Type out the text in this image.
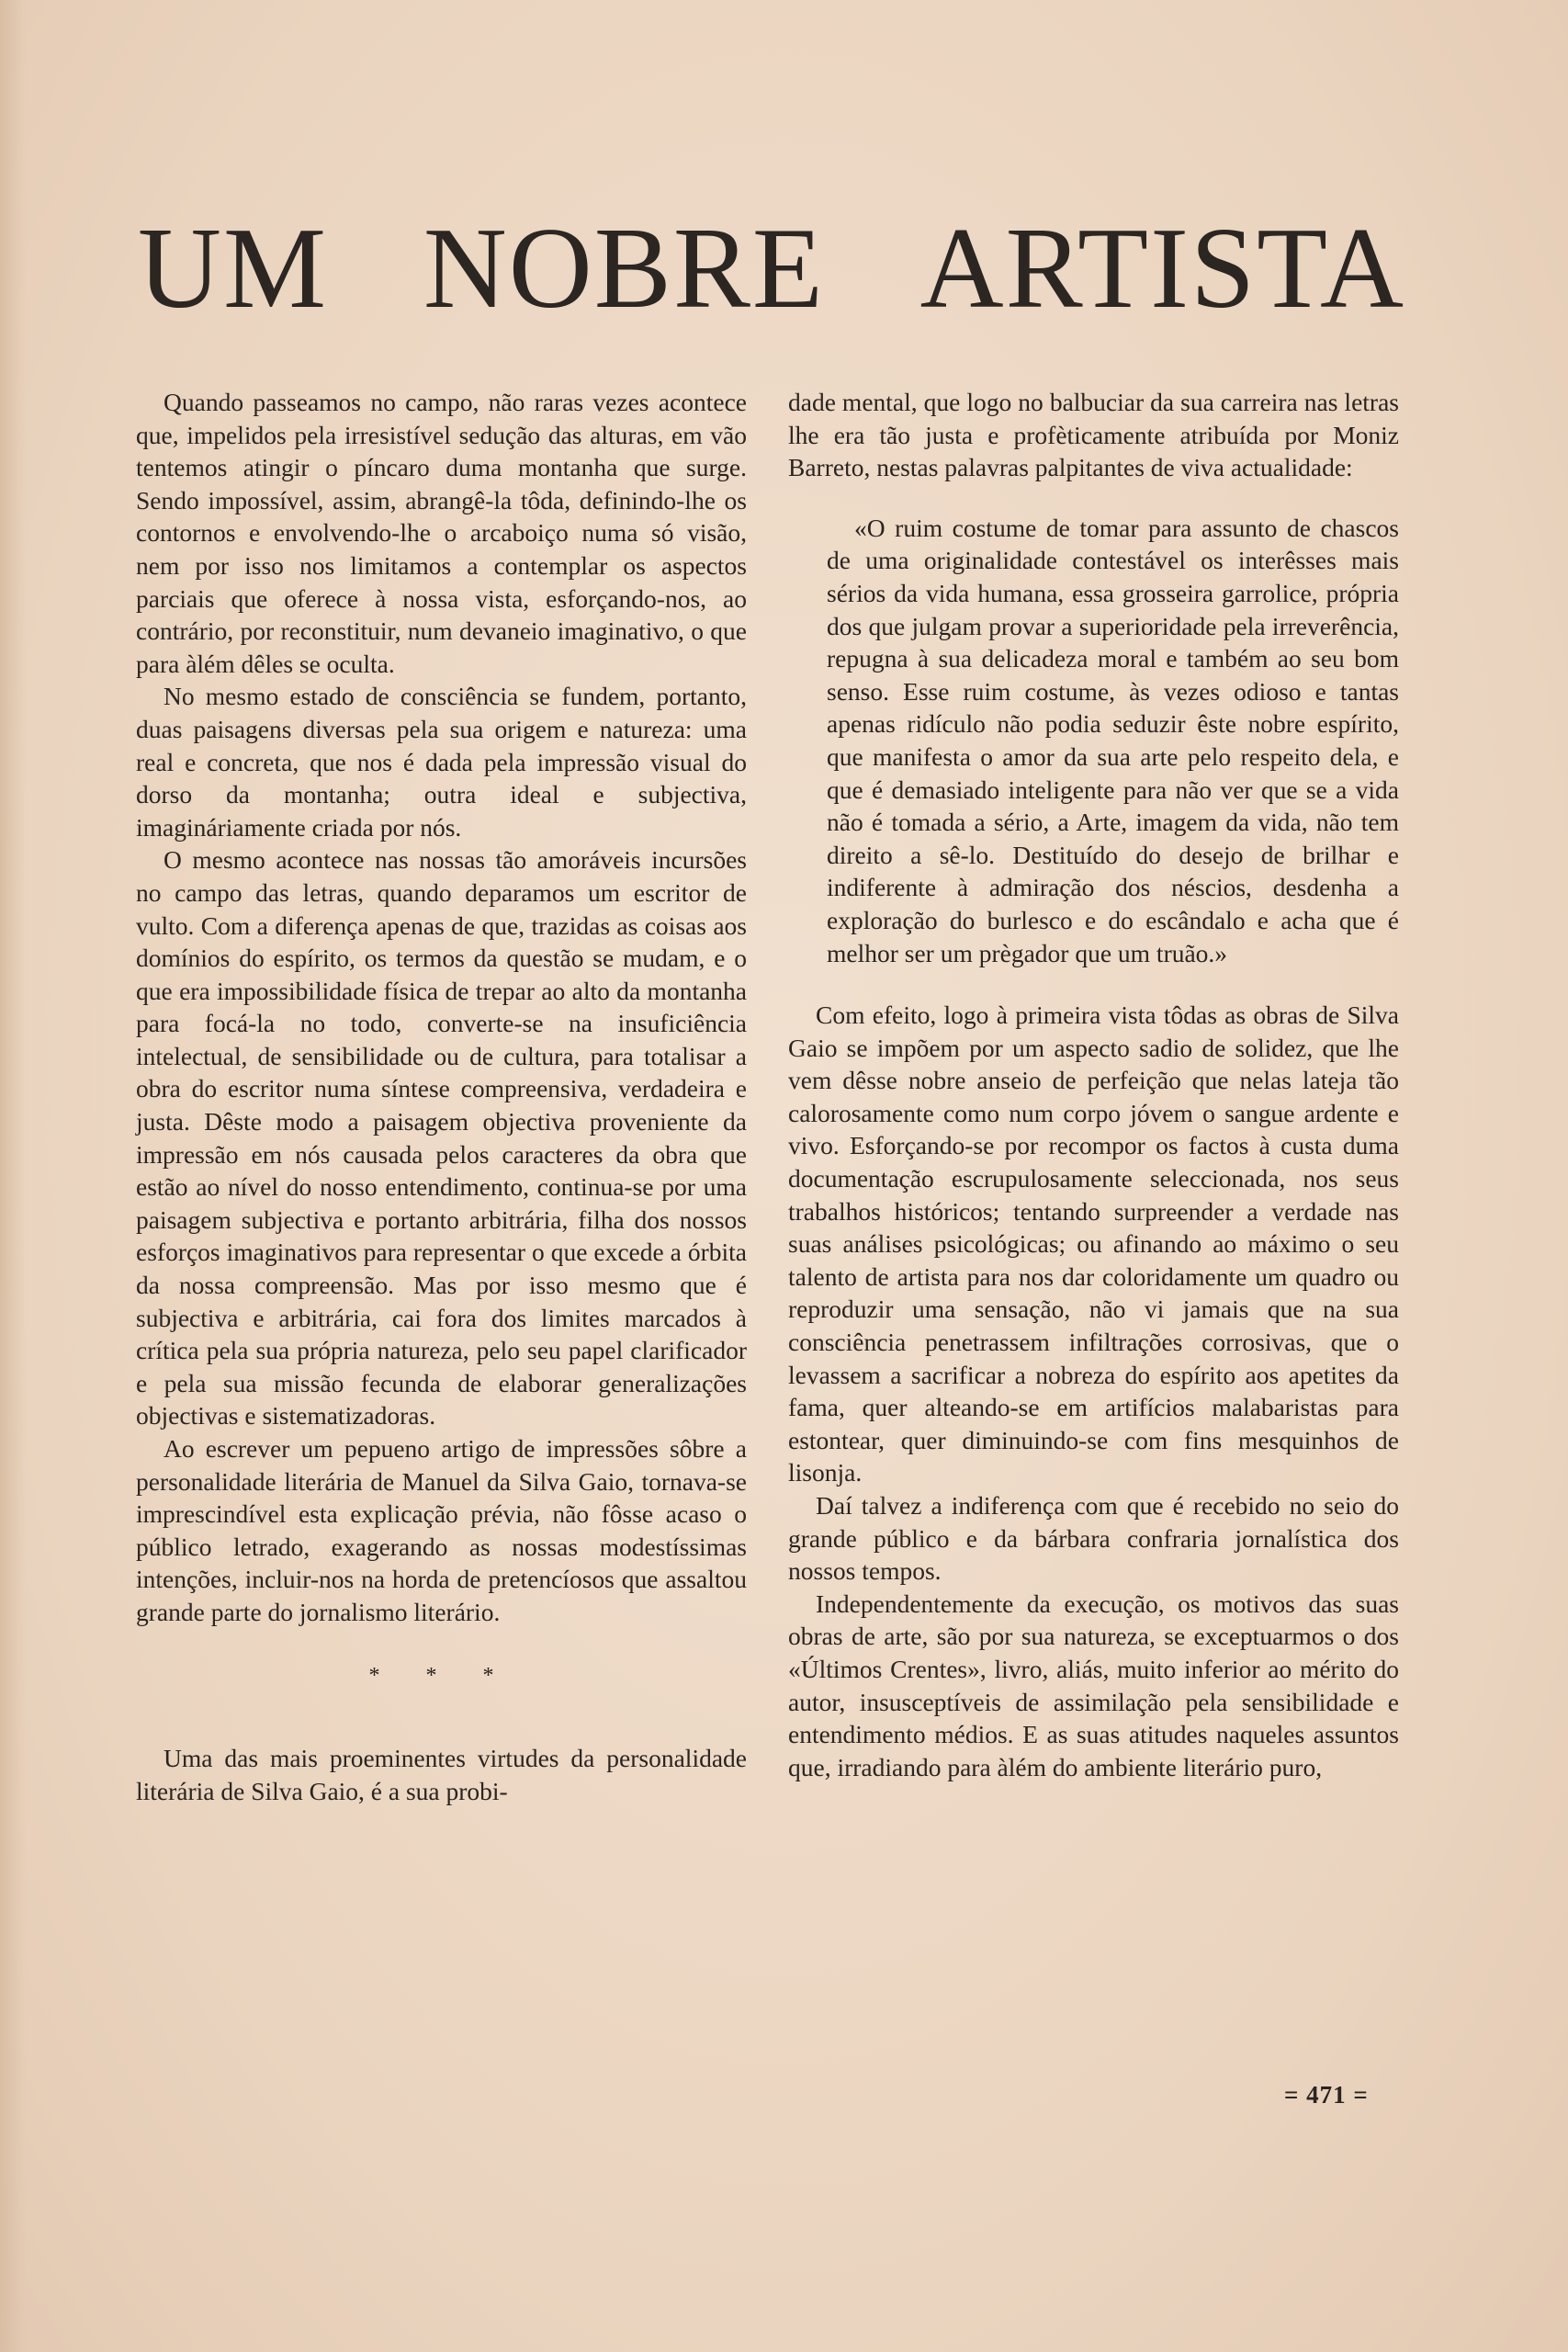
UM NOBRE ARTISTA

Quando passeamos no campo, não raras vezes acontece que, impelidos pela irresistível sedução das alturas, em vão tentemos atingir o píncaro duma montanha que surge. Sendo impossível, assim, abrangê-la tôda, definindo-lhe os contornos e envolvendo-lhe o arcaboiço numa só visão, nem por isso nos limitamos a contemplar os aspectos parciais que oferece à nossa vista, esforçando-nos, ao contrário, por reconstituir, num devaneio imaginativo, o que para àlém dêles se oculta.

No mesmo estado de consciência se fundem, portanto, duas paisagens diversas pela sua origem e natureza: uma real e concreta, que nos é dada pela impressão visual do dorso da montanha; outra ideal e subjectiva, imagináriamente criada por nós.

O mesmo acontece nas nossas tão amoráveis incursões no campo das letras, quando deparamos um escritor de vulto. Com a diferença apenas de que, trazidas as coisas aos domínios do espírito, os termos da questão se mudam, e o que era impossibilidade física de trepar ao alto da montanha para focá-la no todo, converte-se na insuficiência intelectual, de sensibilidade ou de cultura, para totalisar a obra do escritor numa síntese compreensiva, verdadeira e justa. Dêste modo a paisagem objectiva proveniente da impressão em nós causada pelos caracteres da obra que estão ao nível do nosso entendimento, continua-se por uma paisagem subjectiva e portanto arbitrária, filha dos nossos esforços imaginativos para representar o que excede a órbita da nossa compreensão. Mas por isso mesmo que é subjectiva e arbitrária, cai fora dos limites marcados à crítica pela sua própria natureza, pelo seu papel clarificador e pela sua missão fecunda de elaborar generalizações objectivas e sistematizadoras.

Ao escrever um pepueno artigo de impressões sôbre a personalidade literária de Manuel da Silva Gaio, tornava-se imprescindível esta explicação prévia, não fôsse acaso o público letrado, exagerando as nossas modestíssimas intenções, incluir-nos na horda de pretencíosos que assaltou grande parte do jornalismo literário.

* * *

Uma das mais proeminentes virtudes da personalidade literária de Silva Gaio, é a sua probi-

dade mental, que logo no balbuciar da sua carreira nas letras lhe era tão justa e profèticamente atribuída por Moniz Barreto, nestas palavras palpitantes de viva actualidade:

«O ruim costume de tomar para assunto de chascos de uma originalidade contestável os interêsses mais sérios da vida humana, essa grosseira garrolice, própria dos que julgam provar a superioridade pela irreverência, repugna à sua delicadeza moral e também ao seu bom senso. Esse ruim costume, às vezes odioso e tantas apenas ridículo não podia seduzir êste nobre espírito, que manifesta o amor da sua arte pelo respeito dela, e que é demasiado inteligente para não ver que se a vida não é tomada a sério, a Arte, imagem da vida, não tem direito a sê-lo. Destituído do desejo de brilhar e indiferente à admiração dos néscios, desdenha a exploração do burlesco e do escândalo e acha que é melhor ser um prègador que um truão.»

Com efeito, logo à primeira vista tôdas as obras de Silva Gaio se impõem por um aspecto sadio de solidez, que lhe vem dêsse nobre anseio de perfeição que nelas lateja tão calorosamente como num corpo jóvem o sangue ardente e vivo. Esforçando-se por recompor os factos à custa duma documentação escrupulosamente seleccionada, nos seus trabalhos históricos; tentando surpreender a verdade nas suas análises psicológicas; ou afinando ao máximo o seu talento de artista para nos dar coloridamente um quadro ou reproduzir uma sensação, não vi jamais que na sua consciência penetrassem infiltrações corrosivas, que o levassem a sacrificar a nobreza do espírito aos apetites da fama, quer alteando-se em artifícios malabaristas para estontear, quer diminuindo-se com fins mesquinhos de lisonja.

Daí talvez a indiferença com que é recebido no seio do grande público e da bárbara confraria jornalística dos nossos tempos.

Independentemente da execução, os motivos das suas obras de arte, são por sua natureza, se exceptuarmos o dos «Últimos Crentes», livro, aliás, muito inferior ao mérito do autor, insusceptíveis de assimilação pela sensibilidade e entendimento médios. E as suas atitudes naqueles assuntos que, irradiando para àlém do ambiente literário puro,

= 471 =
